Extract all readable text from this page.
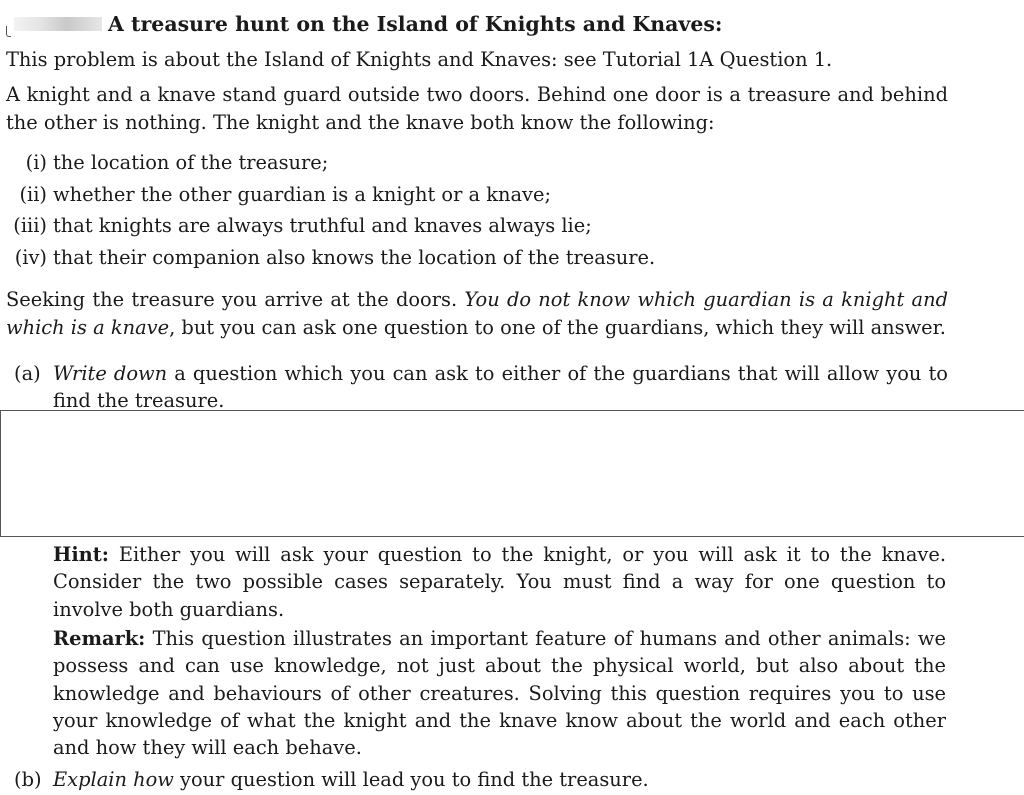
A treasure hunt on the Island of Knights and Knaves:

This problem is about the Island of Knights and Knaves: see Tutorial 1A Question 1.

A knight and a knave stand guard outside two doors. Behind one door is a treasure and behind the other is nothing. The knight and the knave both know the following:

(i) the location of the treasure;
(ii) whether the other guardian is a knight or a knave;
(iii) that knights are always truthful and knaves always lie;
(iv) that their companion also knows the location of the treasure.

Seeking the treasure you arrive at the doors. You do not know which guardian is a knight and which is a knave, but you can ask one question to one of the guardians, which they will answer.

(a) Write down a question which you can ask to either of the guardians that will allow you to find the treasure.
Hint: Either you will ask your question to the knight, or you will ask it to the knave. Consider the two possible cases separately. You must find a way for one question to involve both guardians.
Remark: This question illustrates an important feature of humans and other animals: we possess and can use knowledge, not just about the physical world, but also about the knowledge and behaviours of other creatures. Solving this question requires you to use your knowledge of what the knight and the knave know about the world and each other and how they will each behave.
(b) Explain how your question will lead you to find the treasure.
